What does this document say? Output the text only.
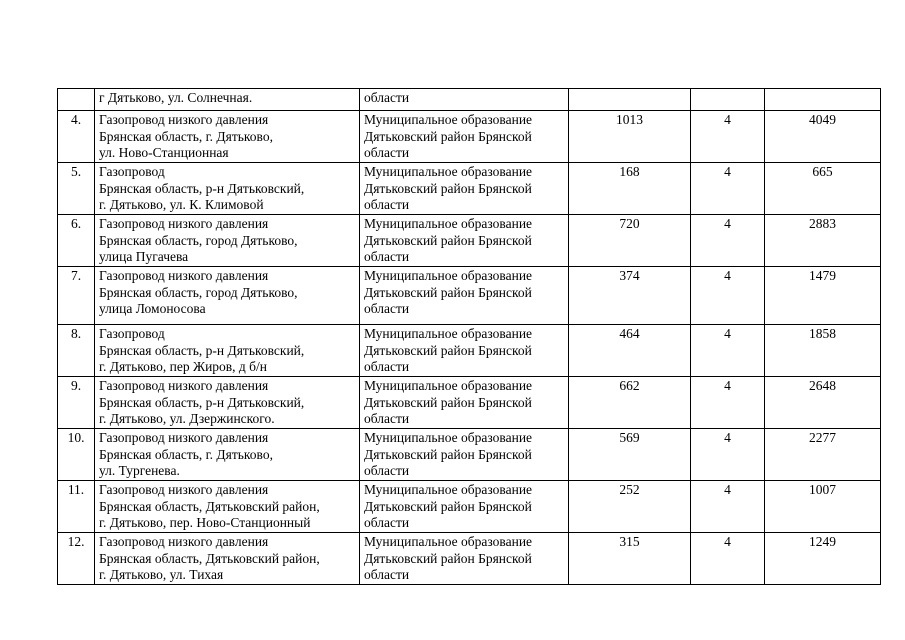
	г Дятьково, ул. Солнечная.	области			

4.	Газопровод низкого давления
Брянская область, г. Дятьково,
ул. Ново-Станционная	Муниципальное образование
Дятьковский район Брянской
области	1013	4	4049
5.	Газопровод
Брянская область, р-н Дятьковский,
г. Дятьково, ул. К. Климовой	Муниципальное образование
Дятьковский район Брянской
области	168	4	665
6.	Газопровод низкого давления
Брянская область, город Дятьково,
улица Пугачева	Муниципальное образование
Дятьковский район Брянской
области	720	4	2883
7.	Газопровод низкого давления
Брянская область, город Дятьково,
улица Ломоносова	Муниципальное образование
Дятьковский район Брянской
области	374	4	1479
8.	Газопровод
Брянская область, р-н Дятьковский,
г. Дятьково, пер Жиров, д б/н	Муниципальное образование
Дятьковский район Брянской
области	464	4	1858
9.	Газопровод низкого давления
Брянская область, р-н Дятьковский,
г. Дятьково, ул. Дзержинского.	Муниципальное образование
Дятьковский район Брянской
области	662	4	2648
10.	Газопровод низкого давления
Брянская область, г. Дятьково,
ул. Тургенева.	Муниципальное образование
Дятьковский район Брянской
области	569	4	2277
11.	Газопровод низкого давления
Брянская область, Дятьковский район,
г. Дятьково, пер. Ново-Станционный	Муниципальное образование
Дятьковский район Брянской
области	252	4	1007
12.	Газопровод низкого давления
Брянская область, Дятьковский район,
г. Дятьково, ул. Тихая	Муниципальное образование
Дятьковский район Брянской
области	315	4	1249
